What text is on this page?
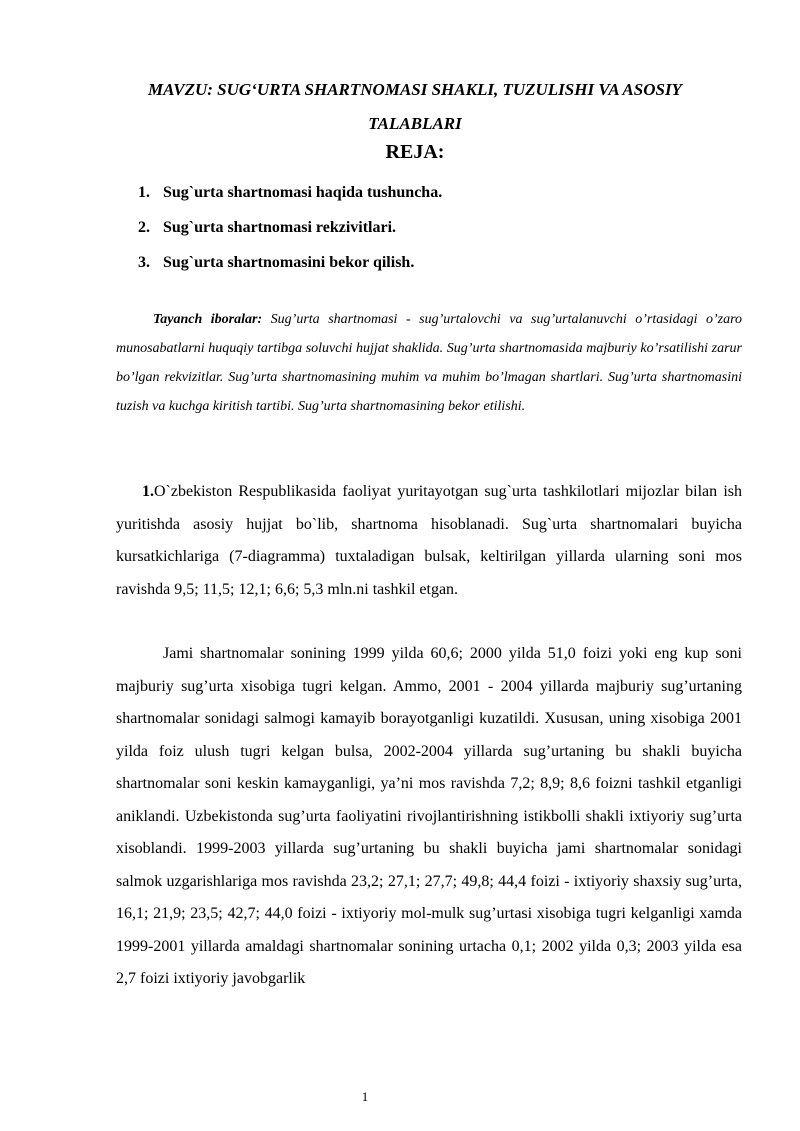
MAVZU: SUG‘URTA SHARTNOMASI SHAKLI, TUZULISHI VA ASOSIY TALABLARI
REJA:
1. Sug`urta shartnomasi haqida tushuncha.
2. Sug`urta shartnomasi rekzivitlari.
3. Sug`urta shartnomasini bekor qilish.
Tayanch iboralar: Sug’urta shartnomasi - sug’urtalovchi va sug’urtalanuvchi o’rtasidagi o’zaro munosabatlarni huquqiy tartibga soluvchi hujjat shaklida. Sug’urta shartnomasida majburiy ko’rsatilishi zarur bo’lgan rekvizitlar. Sug’urta shartnomasining muhim va muhim bo’lmagan shartlari. Sug’urta shartnomasini tuzish va kuchga kiritish tartibi. Sug’urta shartnomasining bekor etilishi.
1.O`zbekiston Respublikasida faoliyat yuritayotgan sug`urta tashkilotlari mijozlar bilan ish yuritishda asosiy hujjat bo`lib, shartnoma hisoblanadi. Sug`urta shartnomalari buyicha kursatkichlariga (7-diagramma) tuxtaladigan bulsak, keltirilgan yillarda ularning soni mos ravishda 9,5; 11,5; 12,1; 6,6; 5,3 mln.ni tashkil etgan.
Jami shartnomalar sonining 1999 yilda 60,6; 2000 yilda 51,0 foizi yoki eng kup soni majburiy sug’urta xisobiga tugri kelgan. Ammo, 2001 - 2004 yillarda majburiy sug’urtaning shartnomalar sonidagi salmogi kamayib borayotganligi kuzatildi. Xususan, uning xisobiga 2001 yilda foiz ulush tugri kelgan bulsa, 2002-2004 yillarda sug’urtaning bu shakli buyicha shartnomalar soni keskin kamayganligi, ya’ni mos ravishda 7,2; 8,9; 8,6 foizni tashkil etganligi aniklandi. Uzbekistonda sug’urta faoliyatini rivojlantirishning istikbolli shakli ixtiyoriy sug’urta xisoblandi. 1999-2003 yillarda sug’urtaning bu shakli buyicha jami shartnomalar sonidagi salmok uzgarishlariga mos ravishda 23,2; 27,1; 27,7; 49,8; 44,4 foizi - ixtiyoriy shaxsiy sug’urta, 16,1; 21,9; 23,5; 42,7; 44,0 foizi - ixtiyoriy mol-mulk sug’urtasi xisobiga tugri kelganligi xamda 1999-2001 yillarda amaldagi shartnomalar sonining urtacha 0,1; 2002 yilda 0,3; 2003 yilda esa 2,7 foizi ixtiyoriy javobgarlik
1
